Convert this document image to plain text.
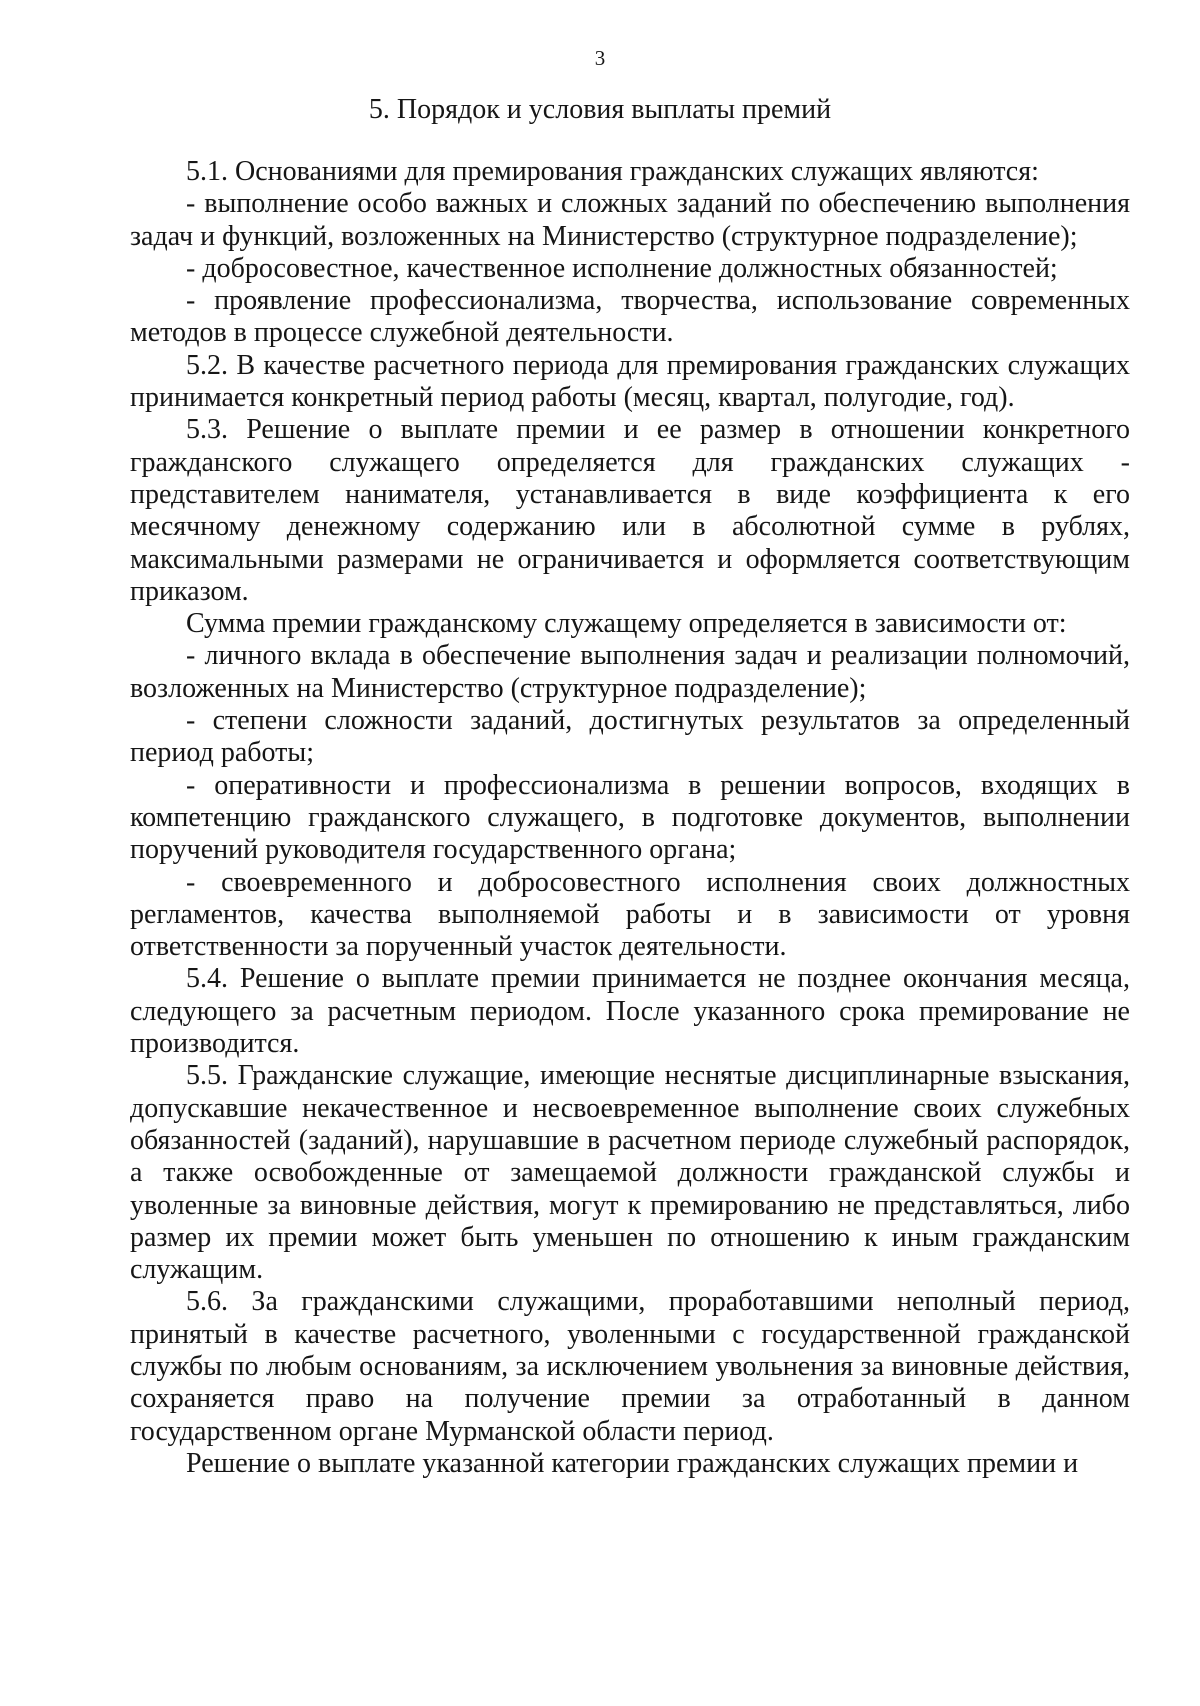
3
5. Порядок и условия выплаты премий

5.1. Основаниями для премирования гражданских служащих являются:

- выполнение особо важных и сложных заданий по обеспечению выполнения задач и функций, возложенных на Министерство (структурное подразделение);

- добросовестное, качественное исполнение должностных обязанностей;

- проявление профессионализма, творчества, использование современных методов в процессе служебной деятельности.

5.2. В качестве расчетного периода для премирования гражданских служащих принимается конкретный период работы (месяц, квартал, полугодие, год).

5.3. Решение о выплате премии и ее размер в отношении конкретного гражданского служащего определяется для гражданских служащих - представителем нанимателя, устанавливается в виде коэффициента к его месячному денежному содержанию или в абсолютной сумме в рублях, максимальными размерами не ограничивается и оформляется соответствующим приказом.

Сумма премии гражданскому служащему определяется в зависимости от:

- личного вклада в обеспечение выполнения задач и реализации полномочий, возложенных на Министерство (структурное подразделение);

- степени сложности заданий, достигнутых результатов за определенный период работы;

- оперативности и профессионализма в решении вопросов, входящих в компетенцию гражданского служащего, в подготовке документов, выполнении поручений руководителя государственного органа;

- своевременного и добросовестного исполнения своих должностных регламентов, качества выполняемой работы и в зависимости от уровня ответственности за порученный участок деятельности.

5.4. Решение о выплате премии принимается не позднее окончания месяца, следующего за расчетным периодом. После указанного срока премирование не производится.

5.5. Гражданские служащие, имеющие неснятые дисциплинарные взыскания, допускавшие некачественное и несвоевременное выполнение своих служебных обязанностей (заданий), нарушавшие в расчетном периоде служебный распорядок, а также освобожденные от замещаемой должности гражданской службы и уволенные за виновные действия, могут к премированию не представляться, либо размер их премии может быть уменьшен по отношению к иным гражданским служащим.

5.6. За гражданскими служащими, проработавшими неполный период, принятый в качестве расчетного, уволенными с государственной гражданской службы по любым основаниям, за исключением увольнения за виновные действия, сохраняется право на получение премии за отработанный в данном государственном органе Мурманской области период.

Решение о выплате указанной категории гражданских служащих премии и
